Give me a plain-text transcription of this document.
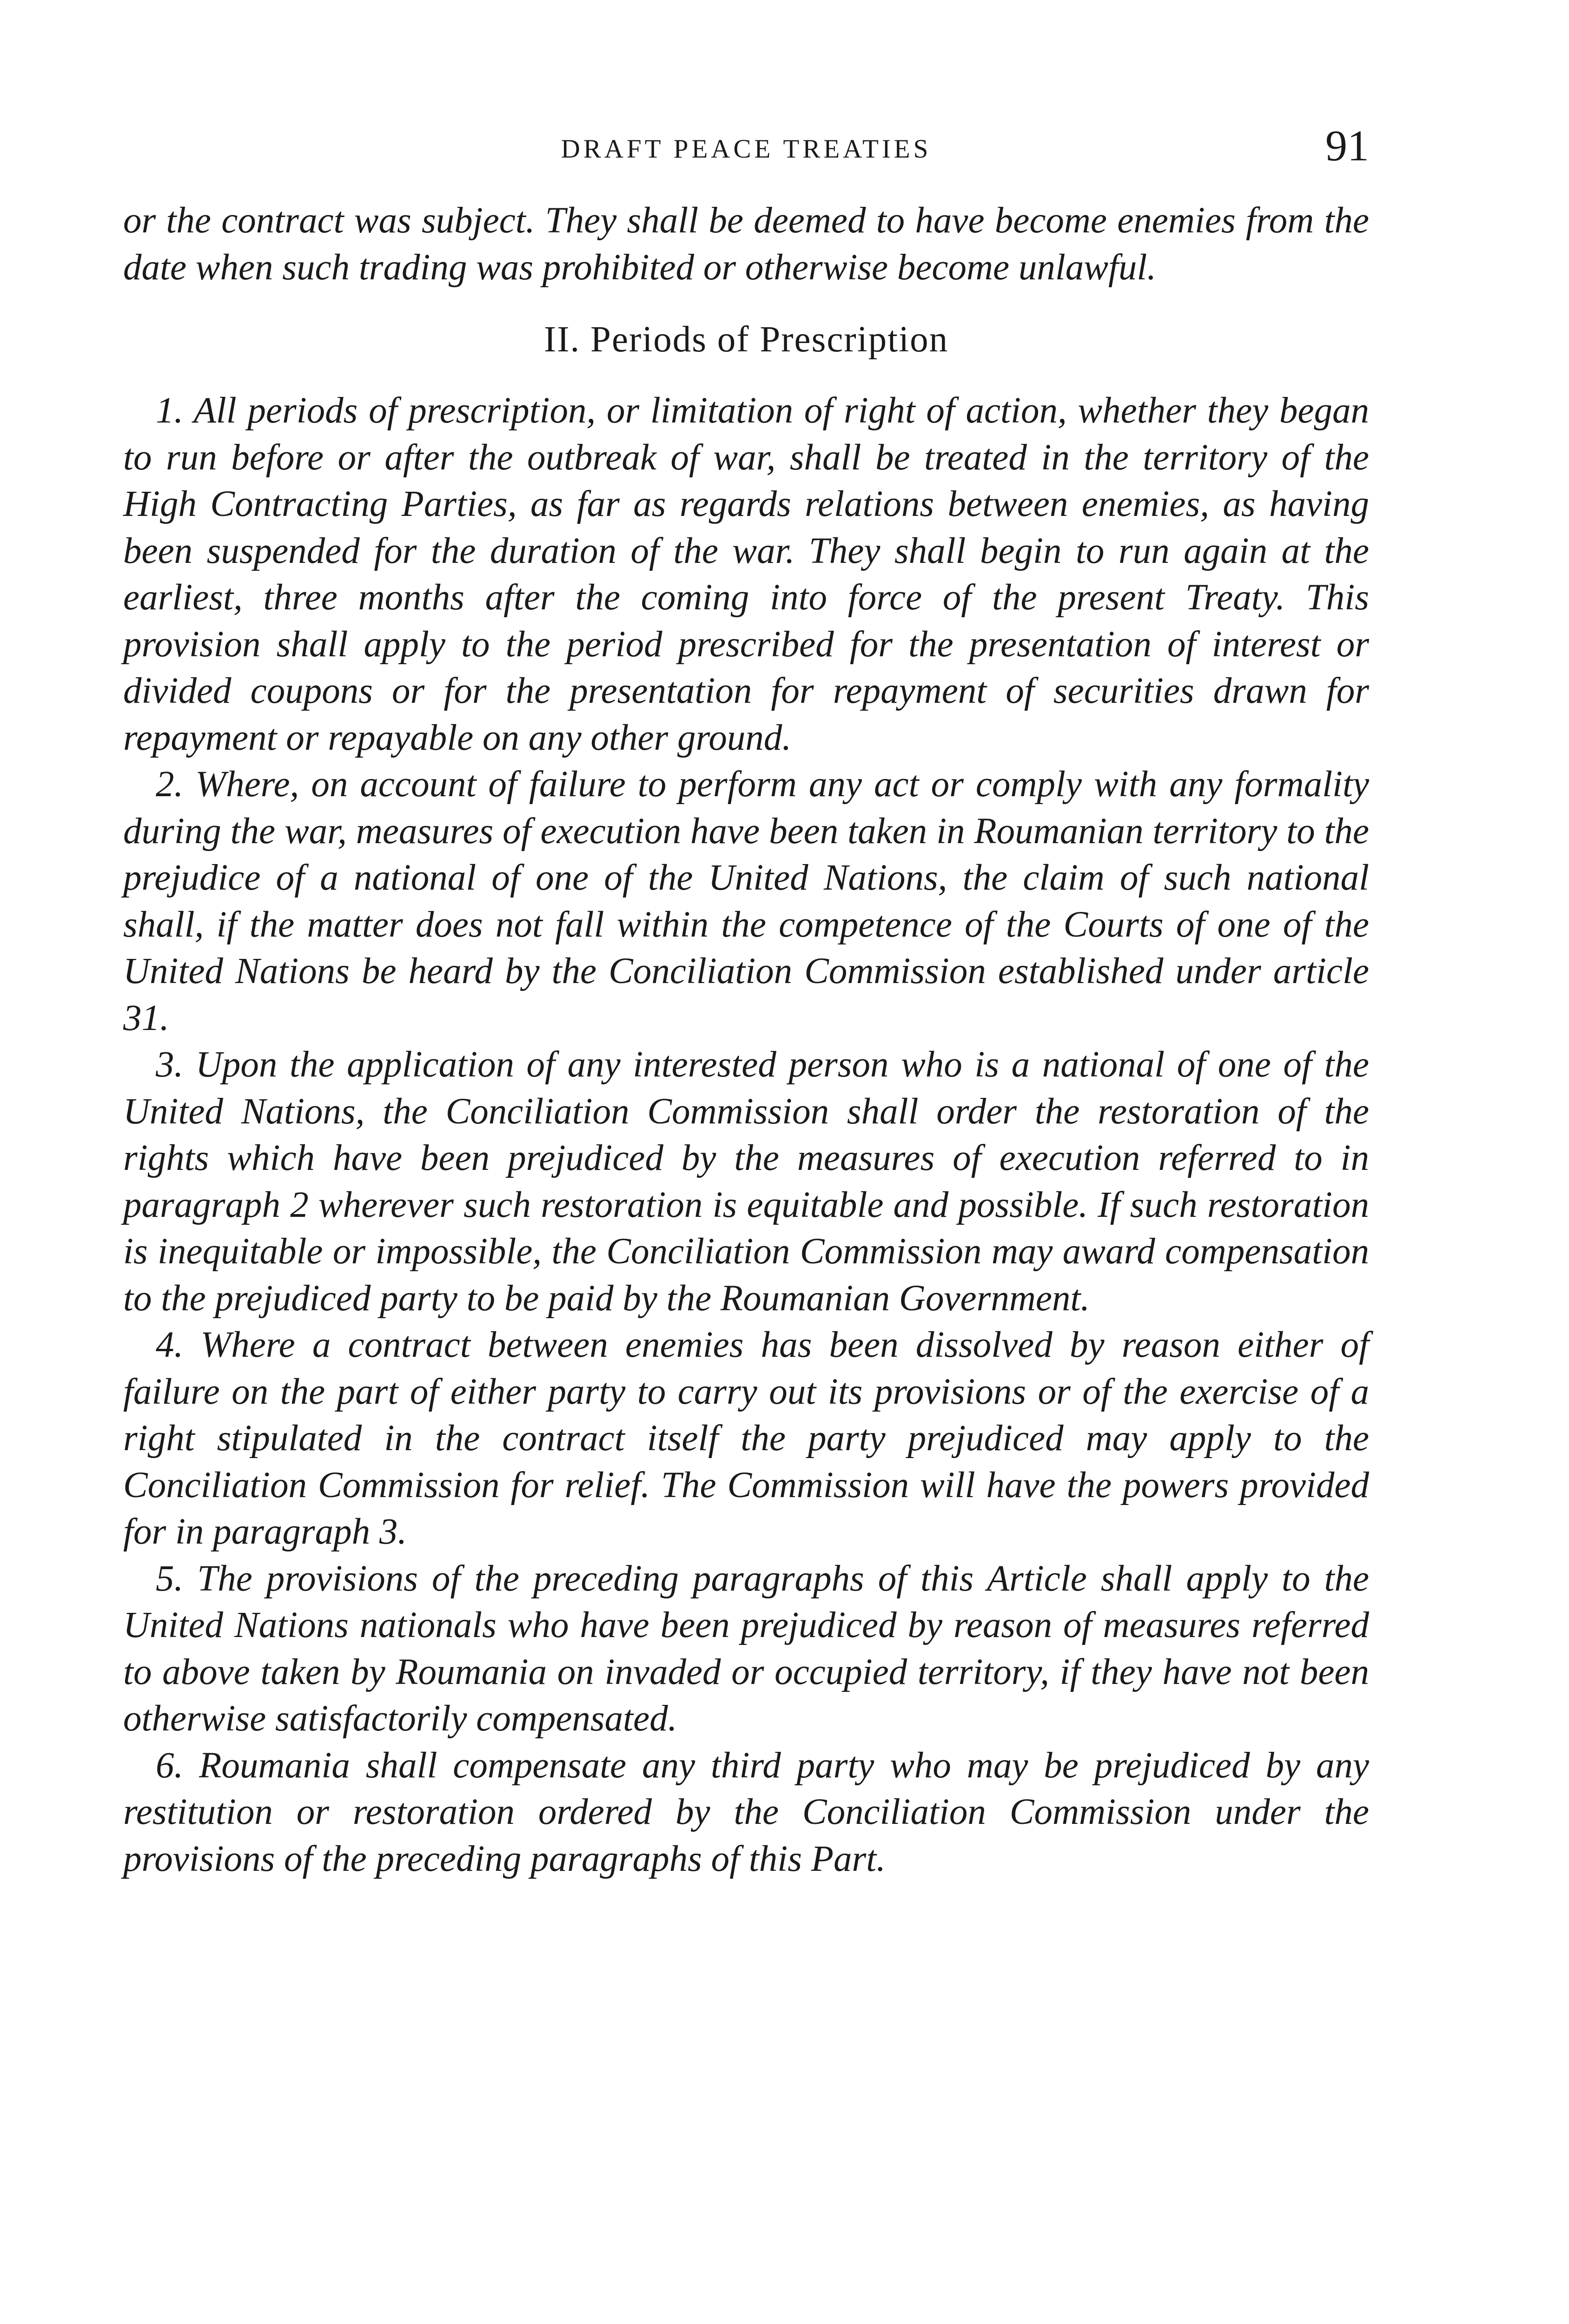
DRAFT PEACE TREATIES	91

or the contract was subject. They shall be deemed to have become enemies from the date when such trading was prohibited or otherwise become unlawful.

II. Periods of Prescription

1. All periods of prescription, or limitation of right of action, whether they began to run before or after the outbreak of war, shall be treated in the territory of the High Contracting Parties, as far as regards relations between enemies, as having been suspended for the duration of the war. They shall begin to run again at the earliest, three months after the coming into force of the present Treaty. This provision shall apply to the period prescribed for the presentation of interest or divided coupons or for the presentation for repayment of securities drawn for repayment or repayable on any other ground.

2. Where, on account of failure to perform any act or comply with any formality during the war, measures of execution have been taken in Roumanian territory to the prejudice of a national of one of the United Nations, the claim of such national shall, if the matter does not fall within the competence of the Courts of one of the United Nations be heard by the Conciliation Commission established under article 31.

3. Upon the application of any interested person who is a national of one of the United Nations, the Conciliation Commission shall order the restoration of the rights which have been prejudiced by the measures of execution referred to in paragraph 2 wherever such restoration is equitable and possible. If such restoration is inequitable or impossible, the Conciliation Commission may award compensation to the prejudiced party to be paid by the Roumanian Government.

4. Where a contract between enemies has been dissolved by reason either of failure on the part of either party to carry out its provisions or of the exercise of a right stipulated in the contract itself the party prejudiced may apply to the Conciliation Commission for relief. The Commission will have the powers provided for in paragraph 3.

5. The provisions of the preceding paragraphs of this Article shall apply to the United Nations nationals who have been prejudiced by reason of measures referred to above taken by Roumania on invaded or occupied territory, if they have not been otherwise satisfactorily compensated.

6. Roumania shall compensate any third party who may be prejudiced by any restitution or restoration ordered by the Conciliation Commission under the provisions of the preceding paragraphs of this Part.
